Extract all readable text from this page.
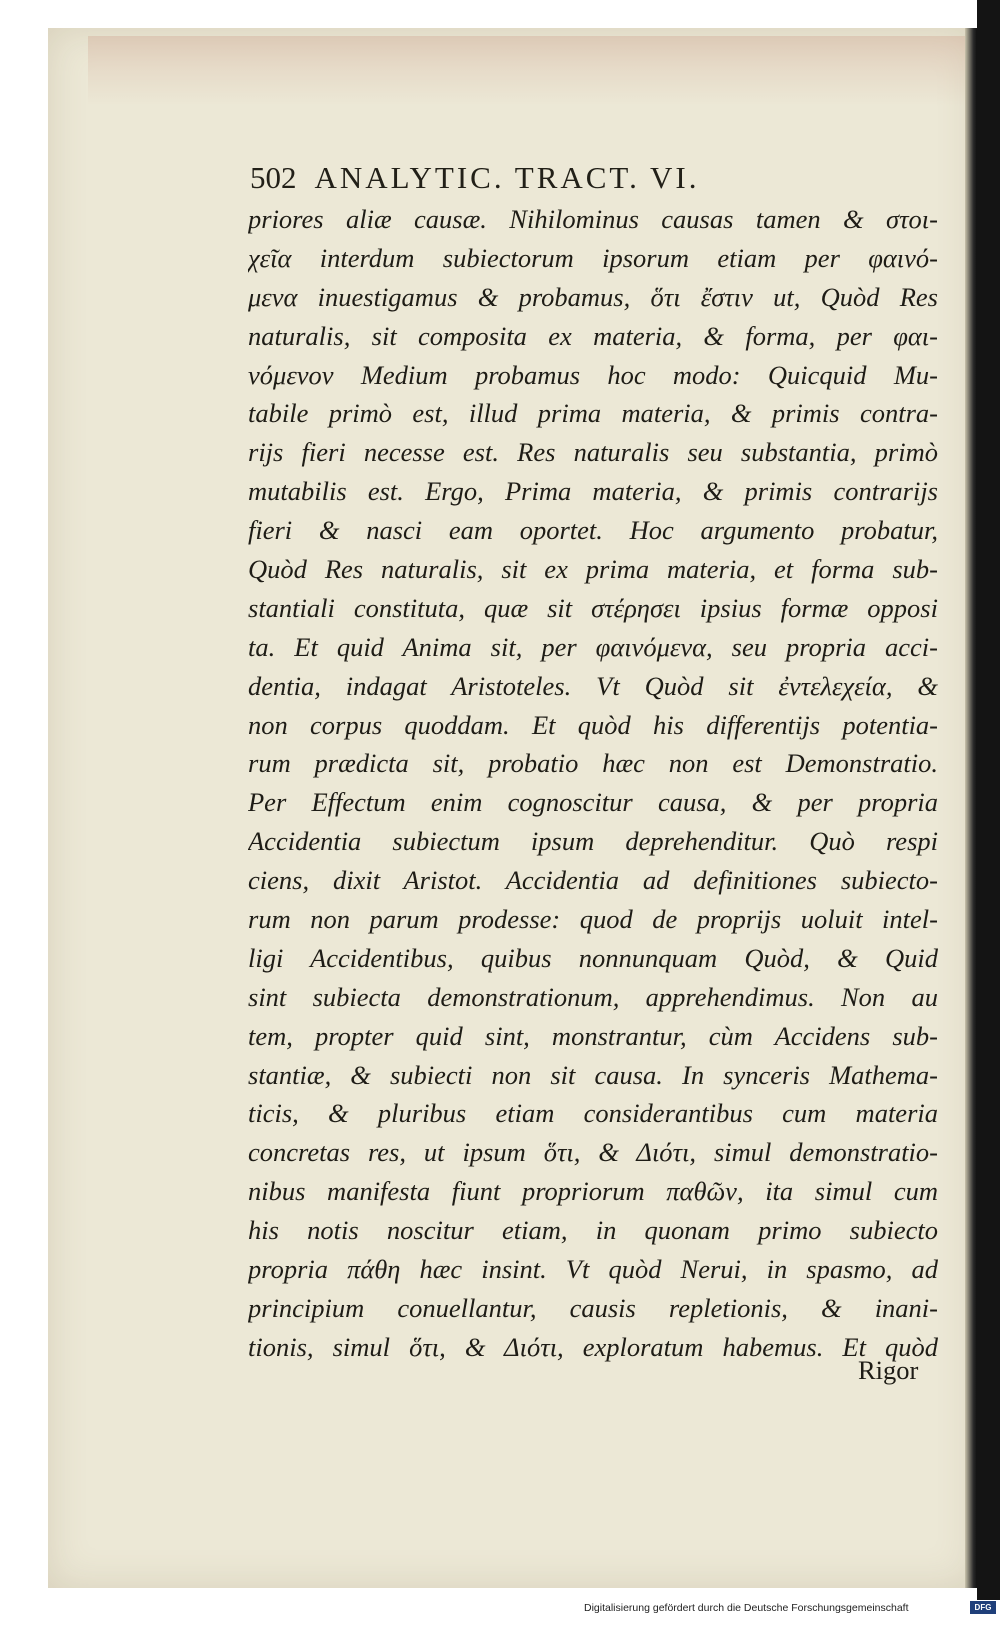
502 ANALYTIC. TRACT. VI.
priores aliæ causæ. Nihilominus causas tamen & στοι-
χεῖα interdum subiectorum ipsorum etiam per φαινό-
μενα inuestigamus & probamus, ὅτι ἔστιν ut, Quòd Res
naturalis, sit composita ex materia, & forma, per φαι-
νόμενον Medium probamus hoc modo: Quicquid Mu-
tabile primò est, illud prima materia, & primis contra-
rijs fieri necesse est. Res naturalis seu substantia, primò
mutabilis est. Ergo, Prima materia, & primis contrarijs
fieri & nasci eam oportet. Hoc argumento probatur,
Quòd Res naturalis, sit ex prima materia, et forma sub-
stantiali constituta, quæ sit στέρησει ipsius formæ opposi
ta. Et quid Anima sit, per φαινόμενα, seu propria acci-
dentia, indagat Aristoteles. Vt Quòd sit ἐντελεχεία, &
non corpus quoddam. Et quòd his differentijs potentia-
rum prædicta sit, probatio hæc non est Demonstratio.
Per Effectum enim cognoscitur causa, & per propria
Accidentia subiectum ipsum deprehenditur. Quò respi
ciens, dixit Aristot. Accidentia ad definitiones subiecto-
rum non parum prodesse: quod de proprijs uoluit intel-
ligi Accidentibus, quibus nonnunquam Quòd, & Quid
sint subiecta demonstrationum, apprehendimus. Non au
tem, propter quid sint, monstrantur, cùm Accidens sub-
stantiæ, & subiecti non sit causa. In synceris Mathema-
ticis, & pluribus etiam considerantibus cum materia
concretas res, ut ipsum ὅτι, & Διότι, simul demonstratio-
nibus manifesta fiunt propriorum παθῶν, ita simul cum
his notis noscitur etiam, in quonam primo subiecto
propria πάθη hæc insint. Vt quòd Nerui, in spasmo, ad
principium conuellantur, causis repletionis, & inani-
tionis, simul ὅτι, & Διότι, exploratum habemus. Et quòd
Rigor
Digitalisierung gefördert durch die Deutsche Forschungsgemeinschaft	DFG
